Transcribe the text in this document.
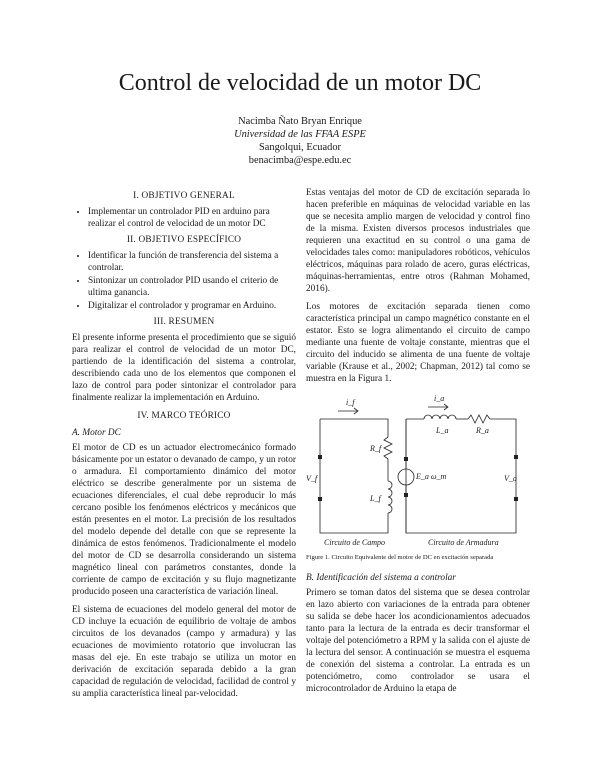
Control de velocidad de un motor DC
Nacimba Ñato Bryan Enrique
Universidad de las FFAA ESPE
Sangolqui, Ecuador
benacimba@espe.edu.ec
I. OBJETIVO GENERAL
• Implementar un controlador PID en arduino para realizar el control de velocidad de un motor DC
II. OBJETIVO ESPECÍFICO
• Identificar la función de transferencia del sistema a controlar.
• Sintonizar un controlador PID usando el criterio de ultima ganancia.
• Digitalizar el controlador y programar en Arduino.
III. RESUMEN

El presente informe presenta el procedimiento que se siguió para realizar el control de velocidad de un motor DC, partiendo de la identificación del sistema a controlar, describiendo cada uno de los elementos que componen el lazo de control para poder sintonizar el controlador para finalmente realizar la implementación en Arduino.

IV. MARCO TEÓRICO
A. Motor DC

El motor de CD es un actuador electromecánico formado básicamente por un estator o devanado de campo, y un rotor o armadura. El comportamiento dinámico del motor eléctrico se describe generalmente por un sistema de ecuaciones diferenciales, el cual debe reproducir lo más cercano posible los fenómenos eléctricos y mecánicos que están presentes en el motor. La precisión de los resultados del modelo depende del detalle con que se represente la dinámica de estos fenómenos. Tradicionalmente el modelo del motor de CD se desarrolla considerando un sistema magnético lineal con parámetros constantes, donde la corriente de campo de excitación y su flujo magnetizante producido poseen una característica de variación lineal.

El sistema de ecuaciones del modelo general del motor de CD incluye la ecuación de equilibrio de voltaje de ambos circuitos de los devanados (campo y armadura) y las ecuaciones de movimiento rotatorio que involucran las masas del eje. En este trabajo se utiliza un motor en derivación de excitación separada debido a la gran capacidad de regulación de velocidad, facilidad de control y su amplia característica lineal par-velocidad.

Estas ventajas del motor de CD de excitación separada lo hacen preferible en máquinas de velocidad variable en las que se necesita amplio margen de velocidad y control fino de la misma. Existen diversos procesos industriales que requieren una exactitud en su control o una gama de velocidades tales como: manipuladores robóticos, vehículos eléctricos, máquinas para rolado de acero, guras eléctricas, máquinas-herramientas, entre otros (Rahman Mohamed, 2016).

Los motores de excitación separada tienen como característica principal un campo magnético constante en el estator. Esto se logra alimentando el circuito de campo mediante una fuente de voltaje constante, mientras que el circuito del inducido se alimenta de una fuente de voltaje variable (Krause et al., 2002; Chapman, 2012) tal como se muestra en la Figura 1.

i_f	i_a
L_a	R_a
R_f
L_f
V_f	V_a
E_a ω_m
Circuito de Campo	Circuito de Armadura
Figure 1. Circuito Equivalente del motor de DC en excitación separada
B. Identificación del sistema a controlar

Primero se toman datos del sistema que se desea controlar en lazo abierto con variaciones de la entrada para obtener su salida se debe hacer los acondicionamientos adecuados tanto para la lectura de la entrada es decir transformar el voltaje del potenciómetro a RPM y la salida con el ajuste de la lectura del sensor. A continuación se muestra el esquema de conexión del sistema a controlar. La entrada es un potenciómetro, como controlador se usara el microcontrolador de Arduino la etapa de
